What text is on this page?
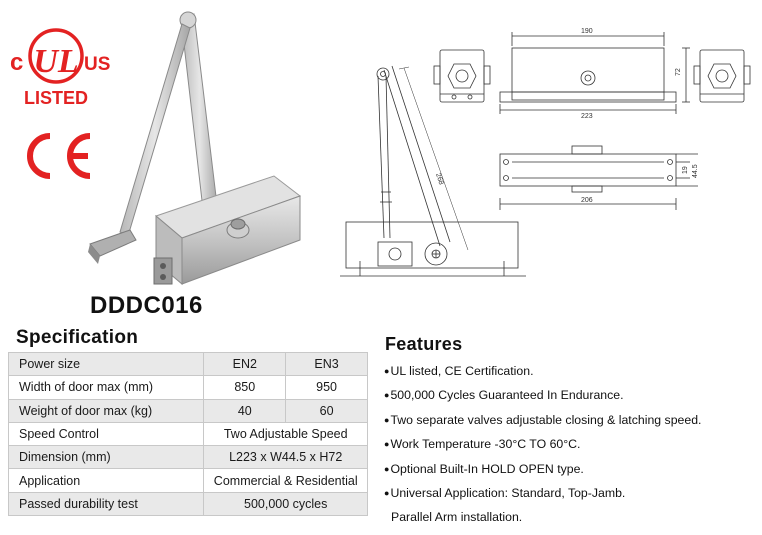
c UL US
LISTED
DDDC016
268
190
223
72
206
19 44.5
Specification
Power size	EN2	EN3
Width of door max (mm)	850	950
Weight of door max (kg)	40	60
Speed Control	Two Adjustable Speed	
Dimension (mm)	L223 x W44.5 x H72	
Application	Commercial & Residential	
Passed durability test	500,000 cycles	
Features
●UL listed, CE Certification.
●500,000 Cycles Guaranteed In Endurance.
●Two separate valves adjustable closing & latching speed.
●Work Temperature -30°C TO 60°C.
●Optional Built-In HOLD OPEN type.
●Universal Application: Standard, Top-Jamb.
Parallel Arm installation.
